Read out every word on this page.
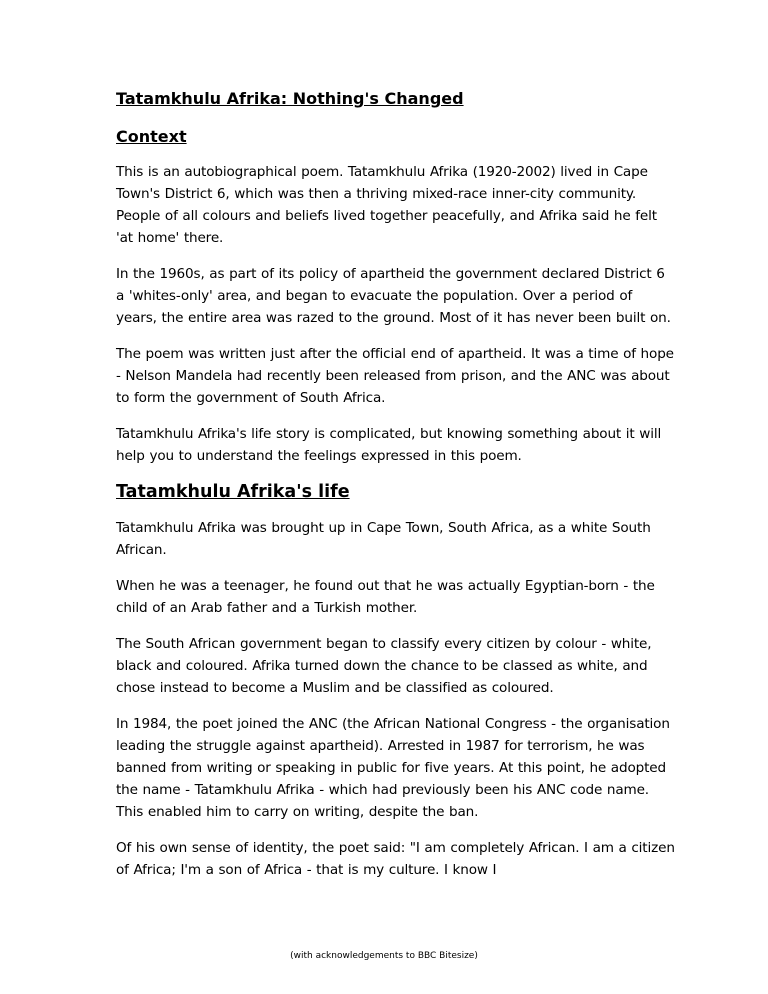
Tatamkhulu Afrika: Nothing's Changed
Context

This is an autobiographical poem. Tatamkhulu Afrika (1920-2002) lived in Cape Town's District 6, which was then a thriving mixed-race inner-city community. People of all colours and beliefs lived together peacefully, and Afrika said he felt 'at home' there.

In the 1960s, as part of its policy of apartheid the government declared District 6 a 'whites-only' area, and began to evacuate the population. Over a period of years, the entire area was razed to the ground. Most of it has never been built on.

The poem was written just after the official end of apartheid. It was a time of hope - Nelson Mandela had recently been released from prison, and the ANC was about to form the government of South Africa.

Tatamkhulu Afrika's life story is complicated, but knowing something about it will help you to understand the feelings expressed in this poem.

Tatamkhulu Afrika's life

Tatamkhulu Afrika was brought up in Cape Town, South Africa, as a white South African.

When he was a teenager, he found out that he was actually Egyptian-born - the child of an Arab father and a Turkish mother.

The South African government began to classify every citizen by colour - white, black and coloured. Afrika turned down the chance to be classed as white, and chose instead to become a Muslim and be classified as coloured.

In 1984, the poet joined the ANC (the African National Congress - the organisation leading the struggle against apartheid). Arrested in 1987 for terrorism, he was banned from writing or speaking in public for five years. At this point, he adopted the name - Tatamkhulu Afrika - which had previously been his ANC code name. This enabled him to carry on writing, despite the ban.

Of his own sense of identity, the poet said: "I am completely African. I am a citizen of Africa; I'm a son of Africa - that is my culture. I know I

(with acknowledgements to BBC Bitesize)
